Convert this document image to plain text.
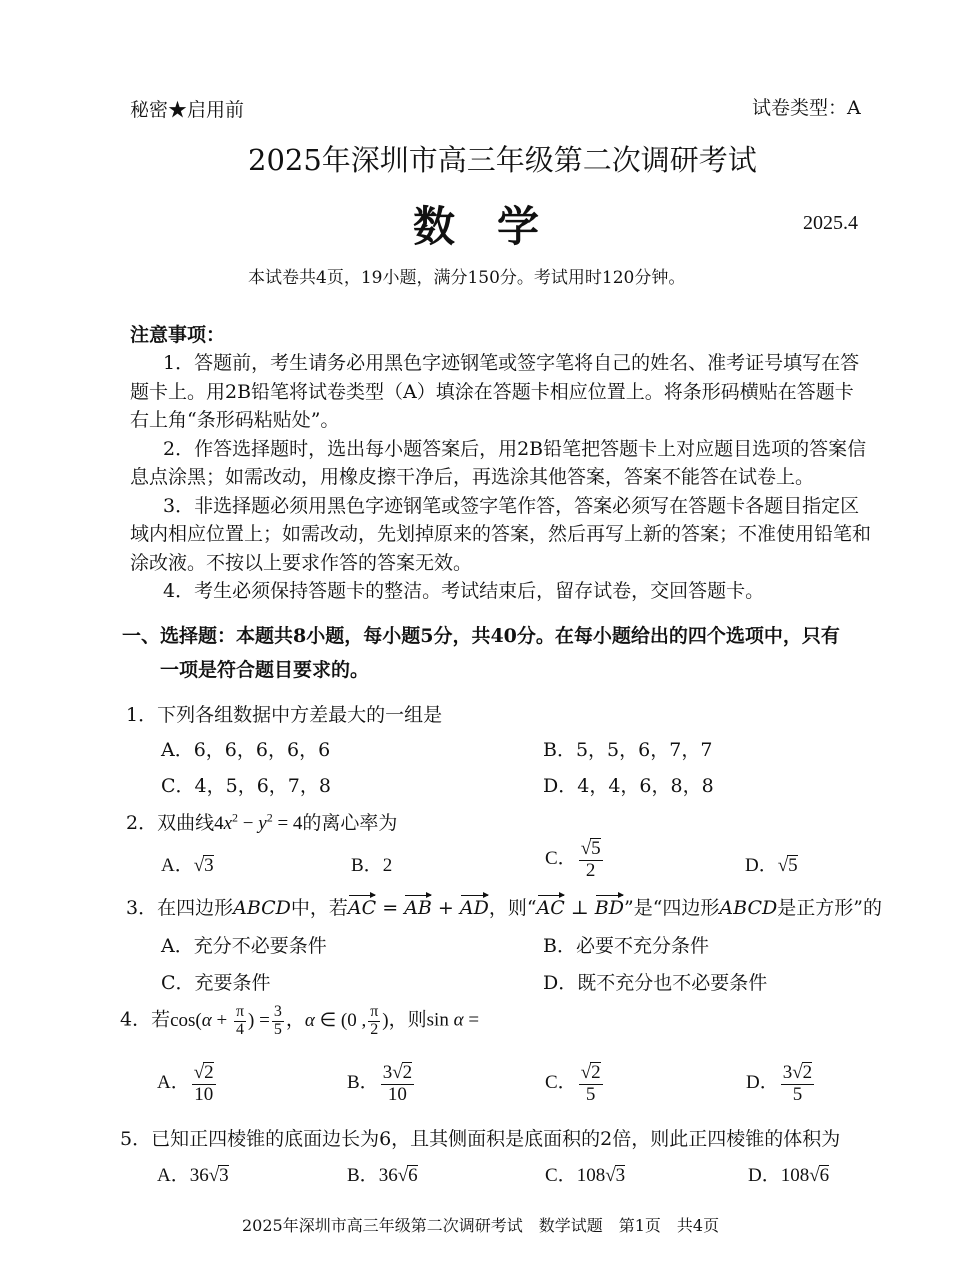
秘密★启用前	试卷类型：A
2025年深圳市高三年级第二次调研考试
数　学	2025.4
本试卷共4页，19小题，满分150分。考试用时120分钟。
注意事项：
1．答题前，考生请务必用黑色字迹钢笔或签字笔将自己的姓名、准考证号填写在答
题卡上。用2B铅笔将试卷类型（A）填涂在答题卡相应位置上。将条形码横贴在答题卡
右上角“条形码粘贴处”。
2．作答选择题时，选出每小题答案后，用2B铅笔把答题卡上对应题目选项的答案信
息点涂黑；如需改动，用橡皮擦干净后，再选涂其他答案，答案不能答在试卷上。
3．非选择题必须用黑色字迹钢笔或签字笔作答，答案必须写在答题卡各题目指定区
域内相应位置上；如需改动，先划掉原来的答案，然后再写上新的答案；不准使用铅笔和
涂改液。不按以上要求作答的答案无效。
4．考生必须保持答题卡的整洁。考试结束后，留存试卷，交回答题卡。
一、选择题：本题共8小题，每小题5分，共40分。在每小题给出的四个选项中，只有
一项是符合题目要求的。
1．下列各组数据中方差最大的一组是
A．6，6，6，6，6	B．5，5，6，7，7
C．4，5，6，7，8	D．4，4，6，8，8
2．双曲线$4x^2 - y^2 = 4$的离心率为
A．√3	B．2	C． $\frac{√5}{2}$	D．√5
3．在四边形ABCD中，若AC = AB + AD，则“AC ⊥ BD”是“四边形ABCD是正方形”的
A．充分不必要条件	B．必要不充分条件
C．充要条件	D．既不充分也不必要条件
4．若$\cos(\alpha + \frac{\pi}{4}$ ) = $\frac{3}{5}$ ，α ∈ (0 , $\frac{\pi}{2}$ )，则sin α =
A． $\frac{√2}{10}$	B． $\frac{3√2}{10}$	C． $\frac{√2}{5}$	D． $\frac{3√2}{5}$
5．已知正四棱锥的底面边长为6，且其侧面积是底面积的2倍，则此正四棱锥的体积为
A．36√3	B．36√6	C．108√3	D．108√6
2025年深圳市高三年级第二次调研考试　数学试题　第1页　共4页
